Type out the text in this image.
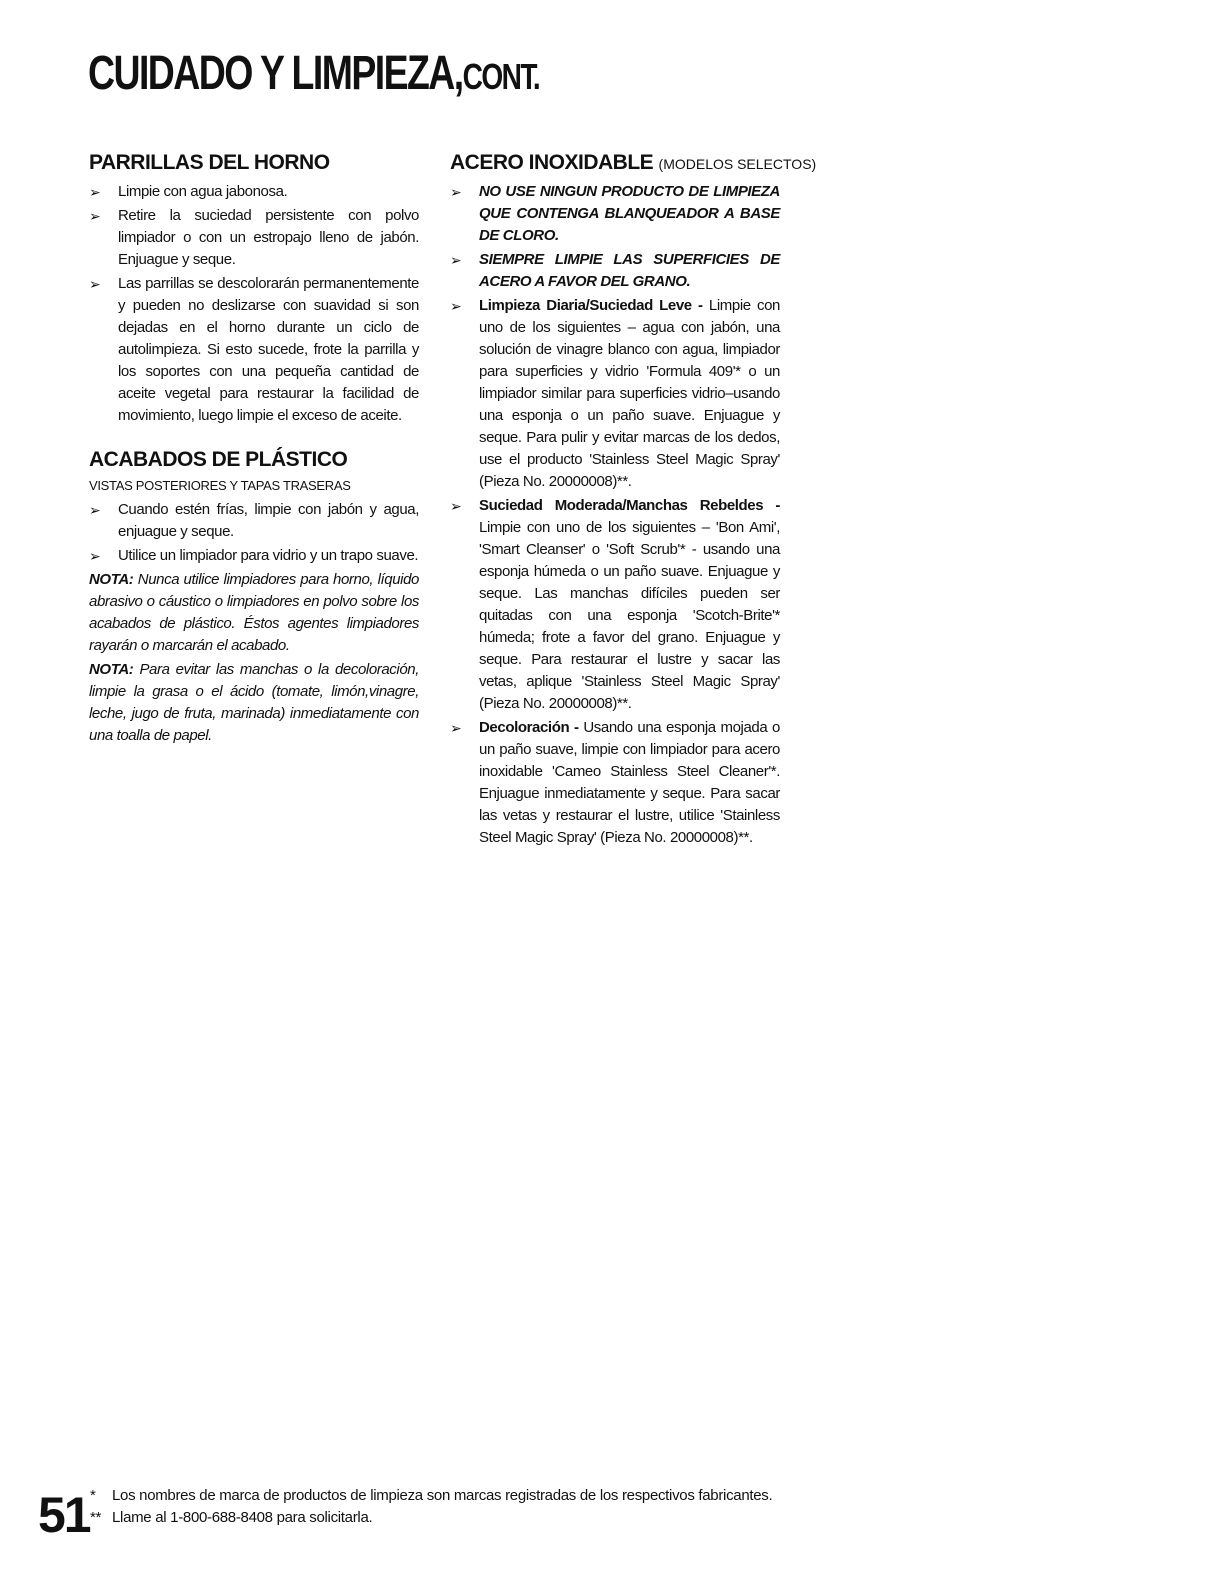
CUIDADO Y LIMPIEZA,CONT.
PARRILLAS DEL HORNO
➢	Limpie con agua jabonosa.
➢	Retire la suciedad persistente con polvo limpiador o con un estropajo lleno de jabón. Enjuague y seque.
➢	Las parrillas se descolorarán permanentemente y pueden no deslizarse con suavidad si son dejadas en el horno durante un ciclo de autolimpieza. Si esto sucede, frote la parrilla y los soportes con una pequeña cantidad de aceite vegetal para restaurar la facilidad de movimiento, luego limpie el exceso de aceite.
ACABADOS DE PLÁSTICO
VISTAS POSTERIORES Y TAPAS TRASERAS
➢	Cuando estén frías, limpie con jabón y agua, enjuague y seque.
➢	Utilice un limpiador para vidrio y un trapo suave.

NOTA: Nunca utilice limpiadores para horno, líquido abrasivo o cáustico o limpiadores en polvo sobre los acabados de plástico. Éstos agentes limpiadores rayarán o marcarán el acabado.

NOTA: Para evitar las manchas o la decoloración, limpie la grasa o el ácido (tomate, limón,vinagre, leche, jugo de fruta, marinada) inmediatamente con una toalla de papel.

ACERO INOXIDABLE (MODELOS SELECTOS)
➢	NO USE NINGUN PRODUCTO DE LIMPIEZA QUE CONTENGA BLANQUEADOR A BASE DE CLORO.
➢	SIEMPRE LIMPIE LAS SUPERFICIES DE ACERO A FAVOR DEL GRANO.
➢	Limpieza Diaria/Suciedad Leve - Limpie con uno de los siguientes – agua con jabón, una solución de vinagre blanco con agua, limpiador para superficies y vidrio 'Formula 409'* o un limpiador similar para superficies vidrio–usando una esponja o un paño suave. Enjuague y seque. Para pulir y evitar marcas de los dedos, use el producto 'Stainless Steel Magic Spray' (Pieza No. 20000008)**.
➢	Suciedad Moderada/Manchas Rebeldes - Limpie con uno de los siguientes – 'Bon Ami', 'Smart Cleanser' o 'Soft Scrub'* - usando una esponja húmeda o un paño suave. Enjuague y seque. Las manchas difíciles pueden ser quitadas con una esponja 'Scotch-Brite'* húmeda; frote a favor del grano. Enjuague y seque. Para restaurar el lustre y sacar las vetas, aplique 'Stainless Steel Magic Spray' (Pieza No. 20000008)**.
➢	Decoloración - Usando una esponja mojada o un paño suave, limpie con limpiador para acero inoxidable 'Cameo Stainless Steel Cleaner'*. Enjuague inmediatamente y seque. Para sacar las vetas y restaurar el lustre, utilice 'Stainless Steel Magic Spray' (Pieza No. 20000008)**.
51 * Los nombres de marca de productos de limpieza son marcas registradas de los respectivos fabricantes.
** Llame al 1-800-688-8408 para solicitarla.
